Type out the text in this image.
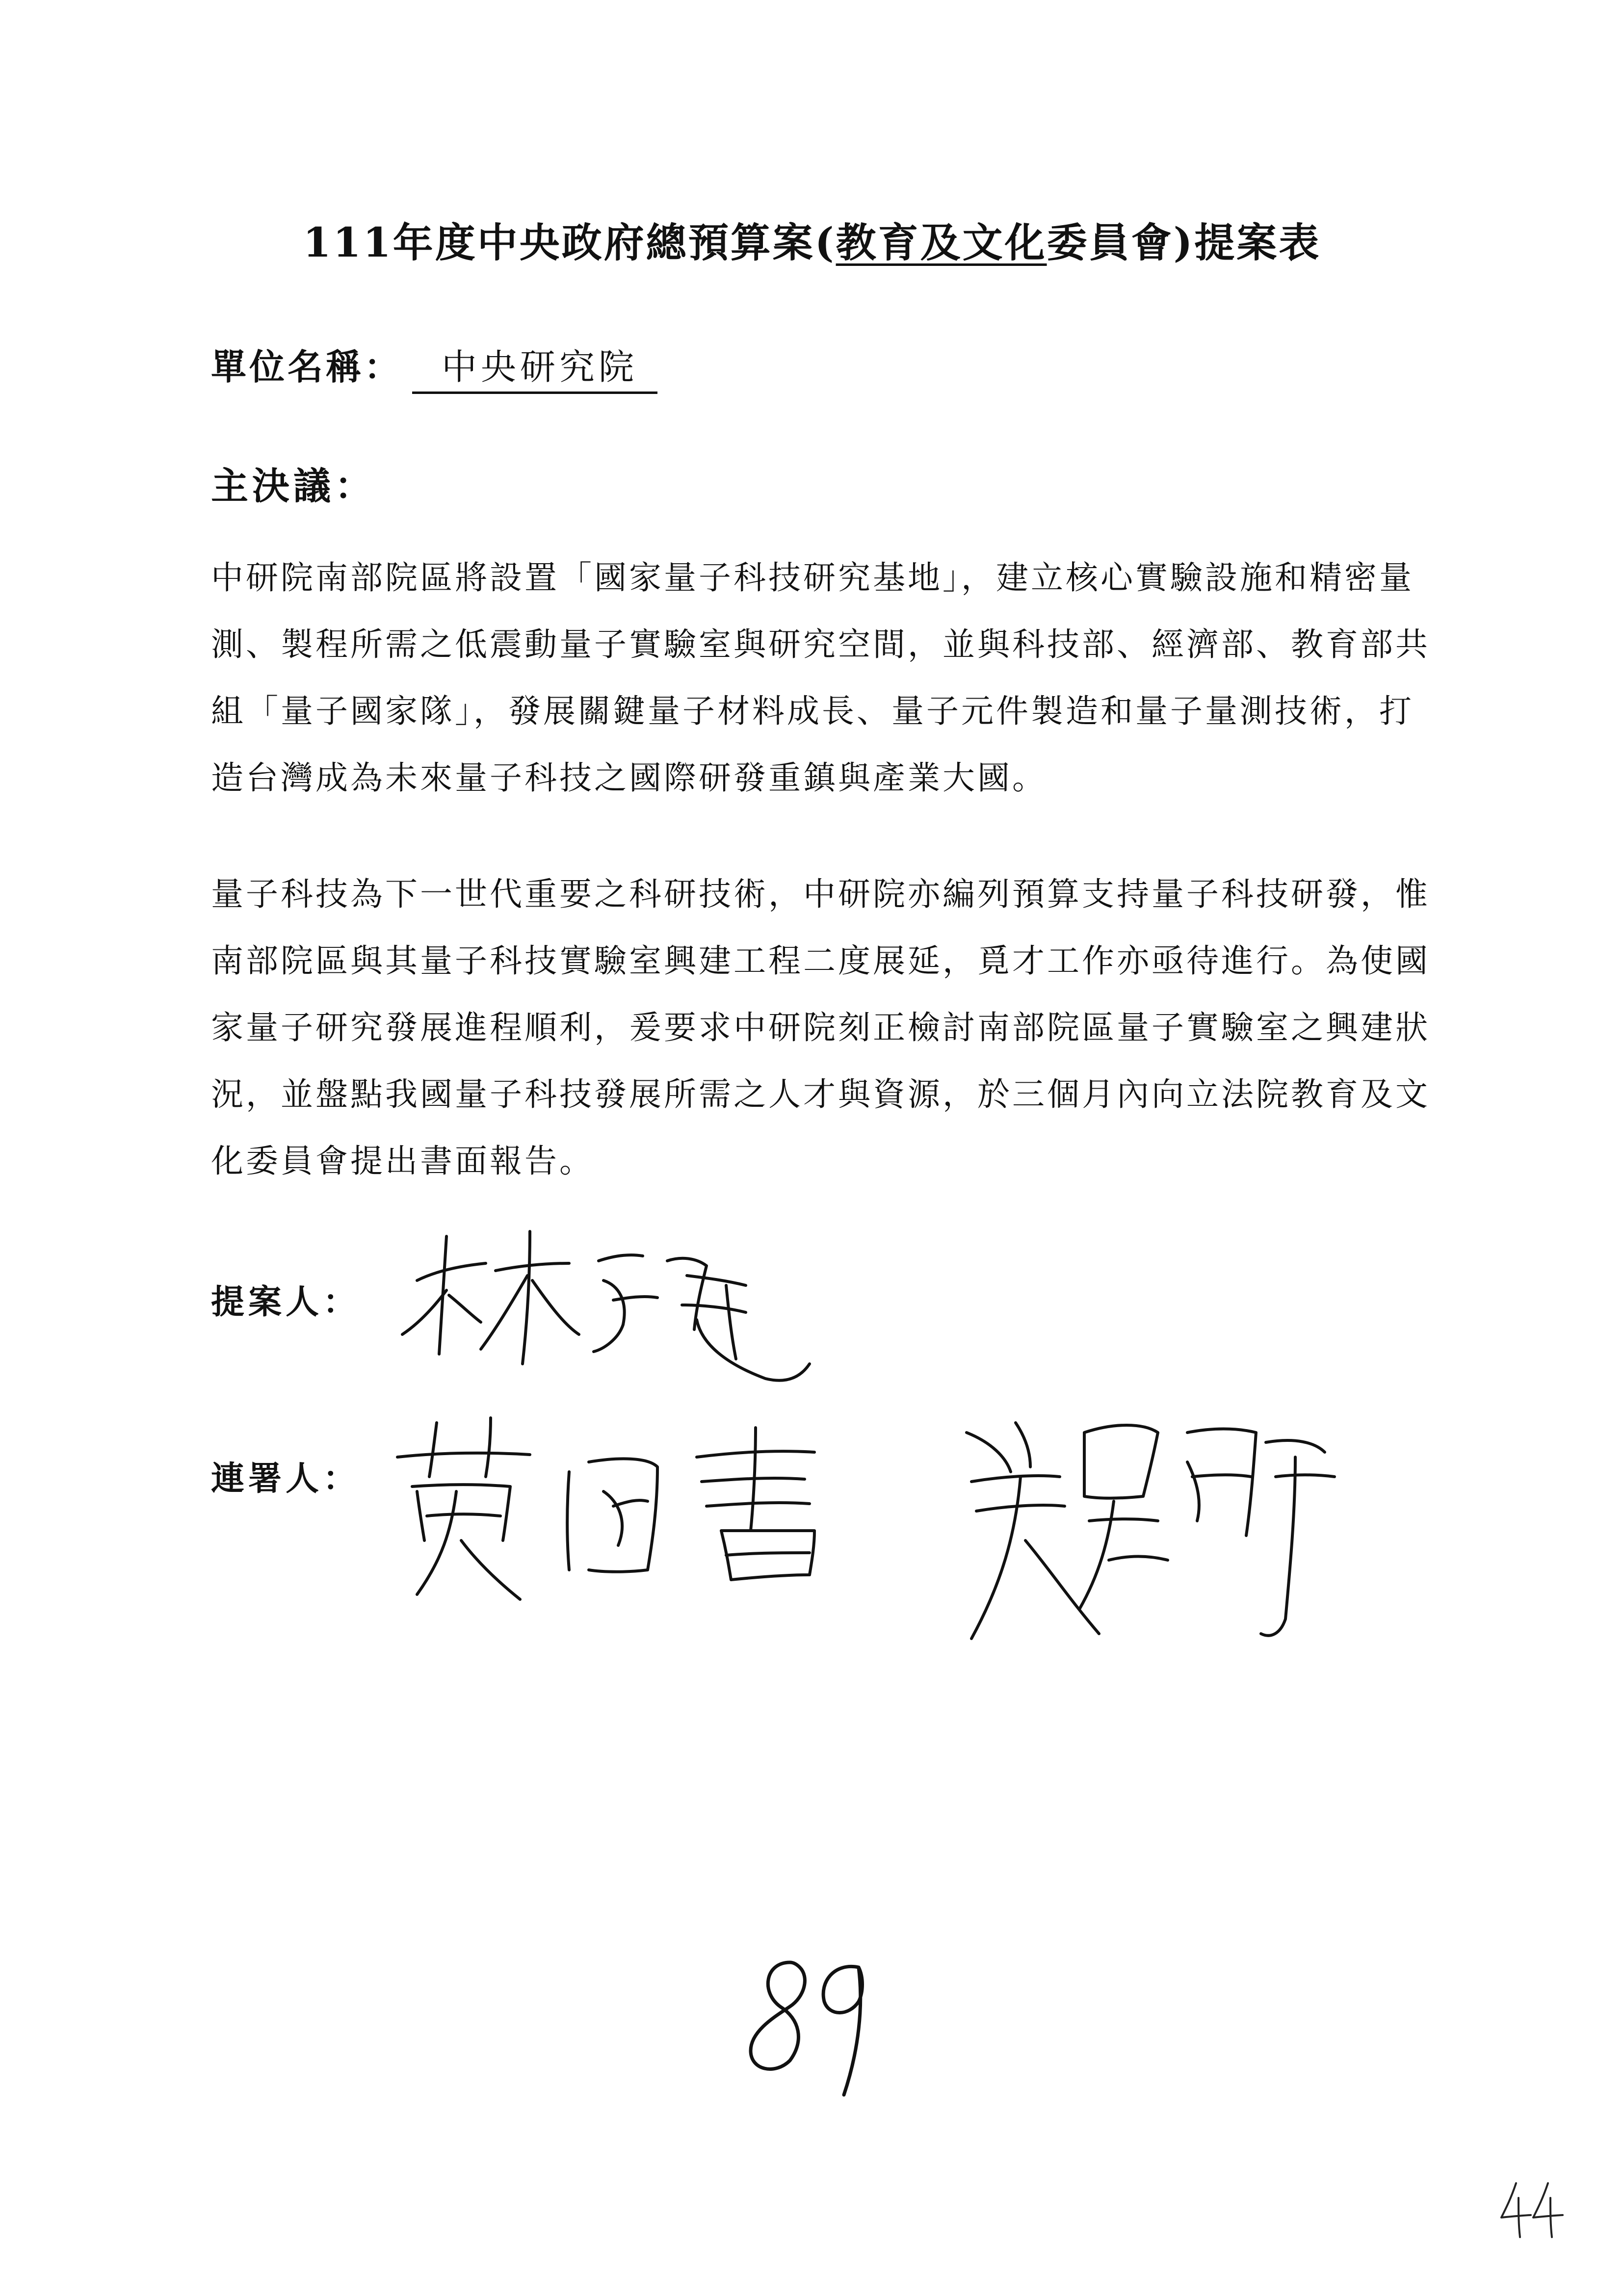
111年度中央政府總預算案(教育及文化委員會)提案表
單位名稱： 中央研究院
主決議：
中研院南部院區將設置「國家量子科技研究基地」，建立核心實驗設施和精密量測、製程所需之低震動量子實驗室與研究空間，並與科技部、經濟部、教育部共組「量子國家隊」，發展關鍵量子材料成長、量子元件製造和量子量測技術，打造台灣成為未來量子科技之國際研發重鎮與產業大國。
量子科技為下一世代重要之科研技術，中研院亦編列預算支持量子科技研發，惟南部院區與其量子科技實驗室興建工程二度展延，覓才工作亦亟待進行。為使國家量子研究發展進程順利，爰要求中研院刻正檢討南部院區量子實驗室之興建狀況，並盤點我國量子科技發展所需之人才與資源，於三個月內向立法院教育及文化委員會提出書面報告。
提案人：
連署人：
